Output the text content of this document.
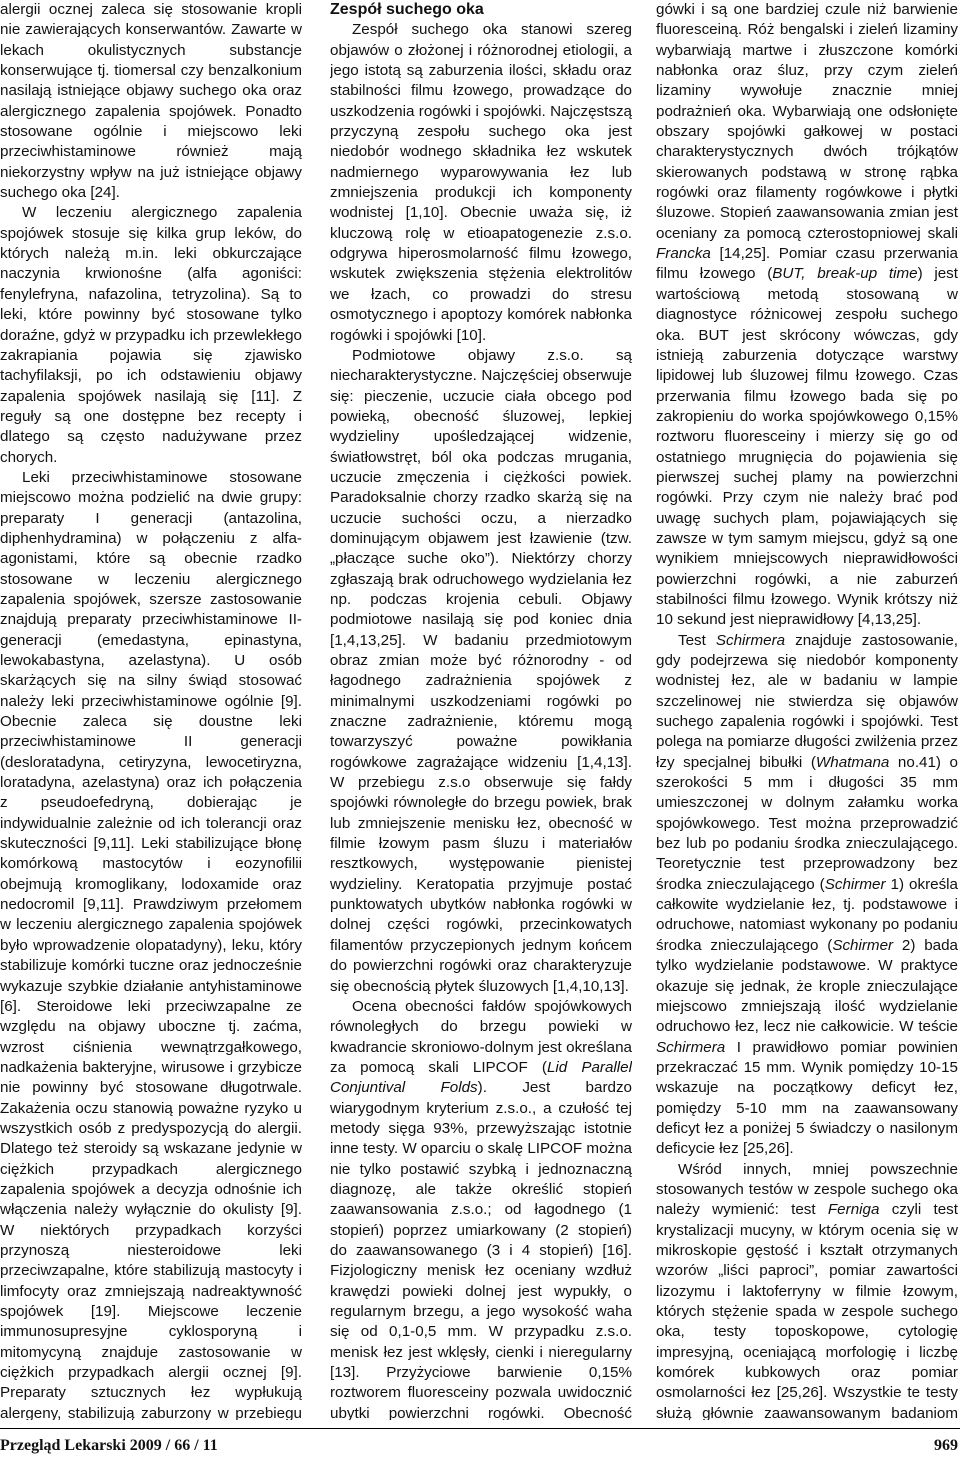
alergii ocznej zaleca się stosowanie kropli nie zawierających konserwantów. Zawarte w lekach okulistycznych substancje konserwujące tj. tiomersal czy benzalkonium nasilają istniejące objawy suchego oka oraz alergicznego zapalenia spojówek. Ponadto stosowane ogólnie i miejscowo leki przeciwhistaminowe również mają niekorzystny wpływ na już istniejące objawy suchego oka [24].

W leczeniu alergicznego zapalenia spojówek stosuje się kilka grup leków, do których należą m.in. leki obkurczające naczynia krwionośne (alfa agoniści: fenylefryna, nafazolina, tetryzolina). Są to leki, które powinny być stosowane tylko doraźne, gdyż w przypadku ich przewlekłego zakrapiania pojawia się zjawisko tachyfilaksji, po ich odstawieniu objawy zapalenia spojówek nasilają się [11]. Z reguły są one dostępne bez recepty i dlatego są często nadużywane przez chorych.

Leki przeciwhistaminowe stosowane miejscowo można podzielić na dwie grupy: preparaty I generacji (antazolina, diphenhydramina) w połączeniu z alfa-agonistami, które są obecnie rzadko stosowane w leczeniu alergicznego zapalenia spojówek, szersze zastosowanie znajdują preparaty przeciwhistaminowe II-generacji (emedastyna, epinastyna, lewokabastyna, azelastyna). U osób skarżących się na silny świąd stosować należy leki przeciwhistaminowe ogólnie [9]. Obecnie zaleca się doustne leki przeciwhistaminowe II generacji (desloratadyna, cetiryzyna, lewocetiryzna, loratadyna, azelastyna) oraz ich połączenia z pseudoefedryną, dobierając je indywidualnie zależnie od ich tolerancji oraz skuteczności [9,11]. Leki stabilizujące błonę komórkową mastocytów i eozynofilii obejmują kromoglikany, lodoxamide oraz nedocromil [9,11]. Prawdziwym przełomem w leczeniu alergicznego zapalenia spojówek było wprowadzenie olopatadyny), leku, który stabilizuje komórki tuczne oraz jednocześnie wykazuje szybkie działanie antyhistaminowe [6]. Steroidowe leki przeciwzapalne ze względu na objawy uboczne tj. zaćma, wzrost ciśnienia wewnątrzgałkowego, nadkażenia bakteryjne, wirusowe i grzybicze nie powinny być stosowane długotrwale. Zakażenia oczu stanowią poważne ryzyko u wszystkich osób z predyspozycją do alergii. Dlatego też steroidy są wskazane jedynie w ciężkich przypadkach alergicznego zapalenia spojówek a decyzja odnośnie ich włączenia należy wyłącznie do okulisty [9]. W niektórych przypadkach korzyści przynoszą niesteroidowe leki przeciwzapalne, które stabilizują mastocyty i limfocyty oraz zmniejszają nadreaktywność spojówek [19]. Miejscowe leczenie immunosupresyjne cyklosporyną i mitomycyną znajduje zastosowanie w ciężkich przypadkach alergii ocznej [9]. Preparaty sztucznych łez wypłukują alergeny, stabilizują zaburzony w przebiegu

Zespół suchego oka

Zespół suchego oka stanowi szereg objawów o złożonej i różnorodnej etiologii, a jego istotą są zaburzenia ilości, składu oraz stabilności filmu łzowego, prowadzące do uszkodzenia rogówki i spojówki. Najczęstszą przyczyną zespołu suchego oka jest niedobór wodnego składnika łez wskutek nadmiernego wyparowywania łez lub zmniejszenia produkcji ich komponenty wodnistej [1,10]. Obecnie uważa się, iż kluczową rolę w etioapatogenezie z.s.o. odgrywa hiperosmolarność filmu łzowego, wskutek zwiększenia stężenia elektrolitów we łzach, co prowadzi do stresu osmotycznego i apoptozy komórek nabłonka rogówki i spojówki [10].

Podmiotowe objawy z.s.o. są niecharakterystyczne. Najczęściej obserwuje się: pieczenie, uczucie ciała obcego pod powieką, obecność śluzowej, lepkiej wydzieliny upośledzającej widzenie, światłowstręt, ból oka podczas mrugania, uczucie zmęczenia i ciężkości powiek. Paradoksalnie chorzy rzadko skarżą się na uczucie suchości oczu, a nierzadko dominującym objawem jest łzawienie (tzw. „płaczące suche oko”). Niektórzy chorzy zgłaszają brak odruchowego wydzielania łez np. podczas krojenia cebuli. Objawy podmiotowe nasilają się pod koniec dnia [1,4,13,25]. W badaniu przedmiotowym obraz zmian może być różnorodny - od łagodnego zadrażnienia spojówek z minimalnymi uszkodzeniami rogówki po znaczne zadrażnienie, któremu mogą towarzyszyć poważne powikłania rogówkowe zagrażające widzeniu [1,4,13]. W przebiegu z.s.o obserwuje się fałdy spojówki równoległe do brzegu powiek, brak lub zmniejszenie menisku łez, obecność w filmie łzowym pasm śluzu i materiałów resztkowych, występowanie pienistej wydzieliny. Keratopatia przyjmuje postać punktowatych ubytków nabłonka rogówki w dolnej części rogówki, przecinkowatych filamentów przyczepionych jednym końcem do powierzchni rogówki oraz charakteryzuje się obecnością płytek śluzowych [1,4,10,13].

Ocena obecności fałdów spojówkowych równoległych do brzegu powieki w kwadrancie skroniowo-dolnym jest określana za pomocą skali LIPCOF (Lid Parallel Conjuntival Folds). Jest bardzo wiarygodnym kryterium z.s.o., a czułość tej metody sięga 93%, przewyższając istotnie inne testy. W oparciu o skalę LIPCOF można nie tylko postawić szybką i jednoznaczną diagnozę, ale także określić stopień zaawansowania z.s.o.; od łagodnego (1 stopień) poprzez umiarkowany (2 stopień) do zaawansowanego (3 i 4 stopień) [16]. Fizjologiczny menisk łez oceniany wzdłuż krawędzi powieki dolnej jest wypukły, o regularnym brzegu, a jego wysokość waha się od 0,1-0,5 mm. W przypadku z.s.o. menisk łez jest wklęsły, cienki i nieregularny [13]. Przyżyciowe barwienie 0,15% roztworem fluoresceiny pozwala uwidocznić ubytki powierzchni rogówki. Obecność

gówki i są one bardziej czule niż barwienie fluoresceiną. Róż bengalski i zieleń lizaminy wybarwiają martwe i złuszczone komórki nabłonka oraz śluz, przy czym zieleń lizaminy wywołuje znacznie mniej podrażnień oka. Wybarwiają one odsłonięte obszary spojówki gałkowej w postaci charakterystycznych dwóch trójkątów skierowanych podstawą w stronę rąbka rogówki oraz filamenty rogówkowe i płytki śluzowe. Stopień zaawansowania zmian jest oceniany za pomocą czterostopniowej skali Francka [14,25]. Pomiar czasu przerwania filmu łzowego (BUT, break-up time) jest wartościową metodą stosowaną w diagnostyce różnicowej zespołu suchego oka. BUT jest skrócony wówczas, gdy istnieją zaburzenia dotyczące warstwy lipidowej lub śluzowej filmu łzowego. Czas przerwania filmu łzowego bada się po zakropieniu do worka spojówkowego 0,15% roztworu fluoresceiny i mierzy się go od ostatniego mrugnięcia do pojawienia się pierwszej suchej plamy na powierzchni rogówki. Przy czym nie należy brać pod uwagę suchych plam, pojawiających się zawsze w tym samym miejscu, gdyż są one wynikiem mniejscowych nieprawidłowości powierzchni rogówki, a nie zaburzeń stabilności filmu łzowego. Wynik krótszy niż 10 sekund jest nieprawidłowy [4,13,25].

Test Schirmera znajduje zastosowanie, gdy podejrzewa się niedobór komponenty wodnistej łez, ale w badaniu w lampie szczelinowej nie stwierdza się objawów suchego zapalenia rogówki i spojówki. Test polega na pomiarze długości zwilżenia przez łzy specjalnej bibułki (Whatmana no.41) o szerokości 5 mm i długości 35 mm umieszczonej w dolnym załamku worka spojówkowego. Test można przeprowadzić bez lub po podaniu środka znieczulającego. Teoretycznie test przeprowadzony bez środka znieczulającego (Schirmer 1) określa całkowite wydzielanie łez, tj. podstawowe i odruchowe, natomiast wykonany po podaniu środka znieczulającego (Schirmer 2) bada tylko wydzielanie podstawowe. W praktyce okazuje się jednak, że krople znieczulające miejscowo zmniejszają ilość wydzielanie odruchowo łez, lecz nie całkowicie. W teście Schirmera I prawidłowo pomiar powinien przekraczać 15 mm. Wynik pomiędzy 10-15 wskazuje na początkowy deficyt łez, pomiędzy 5-10 mm na zaawansowany deficyt łez a poniżej 5 świadczy o nasilonym deficycie łez [25,26].

Wśród innych, mniej powszechnie stosowanych testów w zespole suchego oka należy wymienić: test Ferniga czyli test krystalizacji mucyny, w którym ocenia się w mikroskopie gęstość i kształt otrzymanych wzorów „liści paproci”, pomiar zawartości lizozymu i laktoferryny w filmie łzowym, których stężenie spada w zespole suchego oka, testy toposkopowe, cytologię impresyjną, oceniającą morfologię i liczbę komórek kubkowych oraz pomiar osmolarności łez [25,26]. Wszystkie te testy służą głównie zaawansowanym badaniom

Przegląd Lekarski 2009 / 66 / 11	969
